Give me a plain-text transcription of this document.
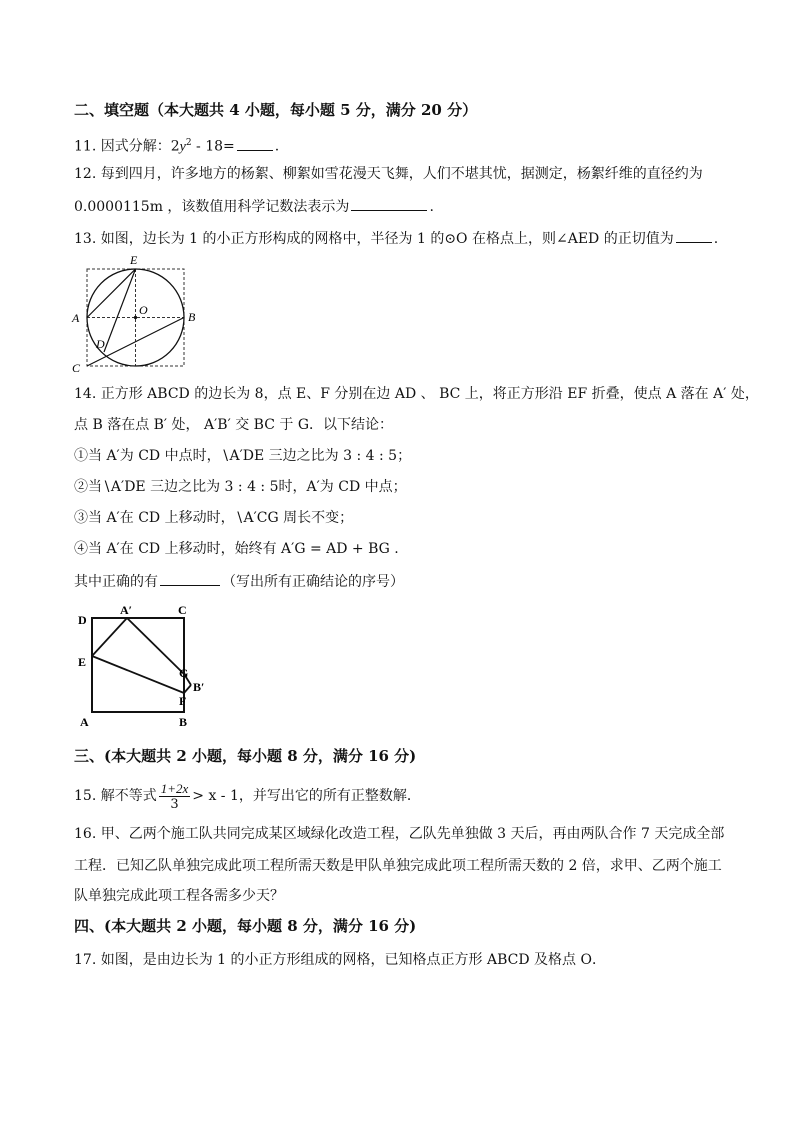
二、填空题（本大题共 4 小题，每小题 5 分，满分 20 分）
11. 因式分解：$2y^2 - 18=$	.
12. 每到四月，许多地方的杨絮、柳絮如雪花漫天飞舞，人们不堪其忧，据测定，杨絮纤维的直径约为
0.0000115m ，该数值用科学记数法表示为	.
13. 如图，边长为 1 的小正方形构成的网格中，半径为 1 的⊙O 在格点上，则∠AED 的正切值为	.
E
A
O	B
D
C
14. 正方形 ABCD 的边长为 8，点 E、F 分别在边 AD 、 BC 上，将正方形沿 EF 折叠，使点 A 落在 A′ 处，
点 B 落在点 B′ 处， A′B′ 交 BC 于 G．以下结论：
①当 A′为 CD 中点时，∖A′DE 三边之比为 3 : 4 : 5；
②当∖A′DE 三边之比为 3 : 4 : 5时，A′为 CD 中点；
③当 A′在 CD 上移动时，∖A′CG 周长不变；
④当 A′在 CD 上移动时，始终有 A′G = AD + BG .
其中正确的有	（写出所有正确结论的序号）
D
A′	C
E
G
B′
F
A	B
三、(本大题共 2 小题，每小题 8 分，满分 16 分)
15. 解不等式 $\frac{1+2x}{3} > x - 1$，并写出它的所有正整数解．
16. 甲、乙两个施工队共同完成某区域绿化改造工程，乙队先单独做 3 天后，再由两队合作 7 天完成全部
工程．已知乙队单独完成此项工程所需天数是甲队单独完成此项工程所需天数的 2 倍，求甲、乙两个施工
队单独完成此项工程各需多少天？
四、(本大题共 2 小题，每小题 8 分，满分 16 分)
17. 如图，是由边长为 1 的小正方形组成的网格，已知格点正方形 ABCD 及格点 O．
